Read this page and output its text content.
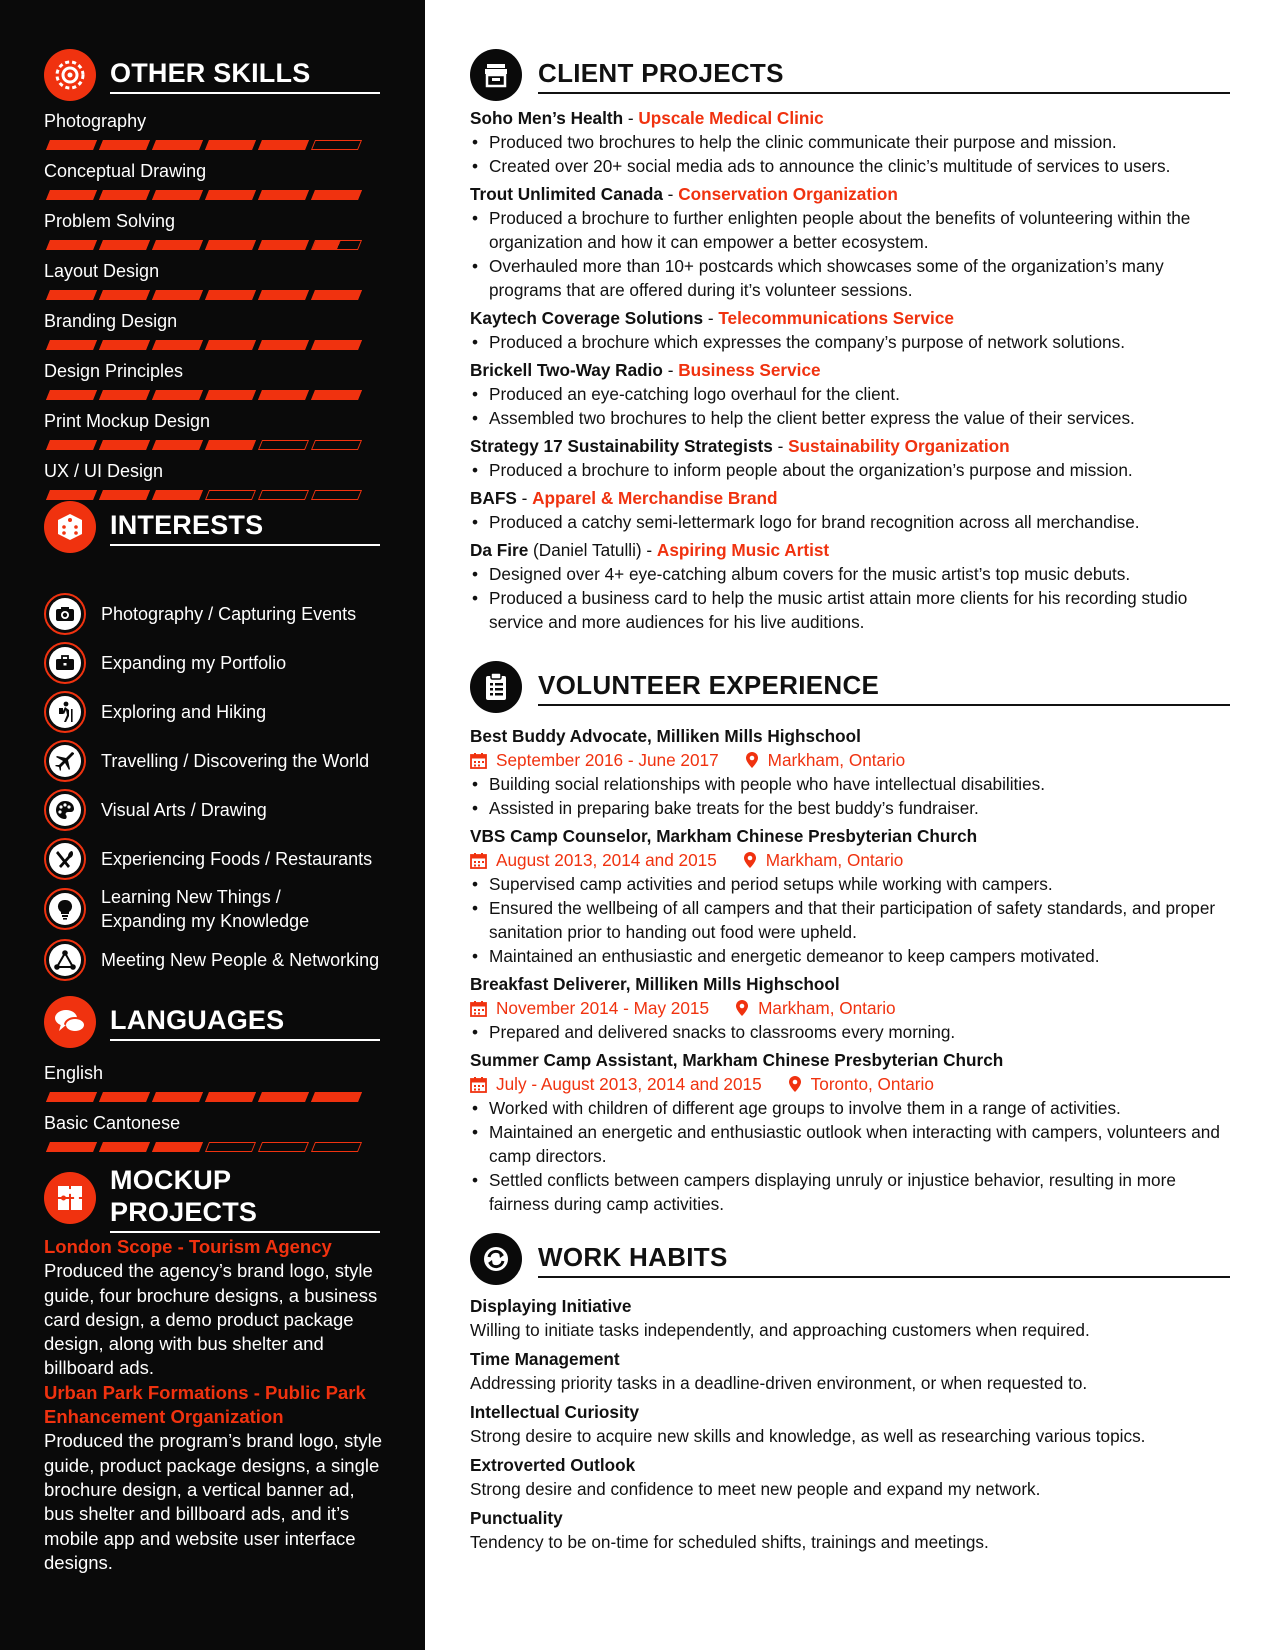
OTHER SKILLS
Photography
Conceptual Drawing
Problem Solving
Layout Design
Branding Design
Design Principles
Print Mockup Design
UX / UI Design
INTERESTS
Photography / Capturing Events
Expanding my Portfolio
Exploring and Hiking
Travelling / Discovering the World
Visual Arts / Drawing
Experiencing Foods / Restaurants
Learning New Things / Expanding my Knowledge
Meeting New People & Networking
LANGUAGES
English
Basic Cantonese
MOCKUP PROJECTS
London Scope - Tourism Agency
Produced the agency’s brand logo, style guide, four brochure designs, a business card design, a demo product package design, along with bus shelter and billboard ads.
Urban Park Formations - Public Park Enhancement Organization
Produced the program’s brand logo, style guide, product package designs, a single brochure design, a vertical banner ad, bus shelter and billboard ads, and it’s mobile app and website user interface designs.
CLIENT PROJECTS
Soho Men’s Health - Upscale Medical Clinic
• Produced two brochures to help the clinic communicate their purpose and mission.
• Created over 20+ social media ads to announce the clinic’s multitude of services to users.
Trout Unlimited Canada - Conservation Organization
• Produced a brochure to further enlighten people about the benefits of volunteering within the organization and how it can empower a better ecosystem.
• Overhauled more than 10+ postcards which showcases some of the organization’s many programs that are offered during it’s volunteer sessions.
Kaytech Coverage Solutions - Telecommunications Service
• Produced a brochure which expresses the company’s purpose of network solutions.
Brickell Two-Way Radio - Business Service
• Produced an eye-catching logo overhaul for the client.
• Assembled two brochures to help the client better express the value of their services.
Strategy 17 Sustainability Strategists - Sustainability Organization
• Produced a brochure to inform people about the organization’s purpose and mission.
BAFS - Apparel & Merchandise Brand
• Produced a catchy semi-lettermark logo for brand recognition across all merchandise.
Da Fire (Daniel Tatulli) - Aspiring Music Artist
• Designed over 4+ eye-catching album covers for the music artist’s top music debuts.
• Produced a business card to help the music artist attain more clients for his recording studio service and more audiences for his live auditions.
VOLUNTEER EXPERIENCE
Best Buddy Advocate, Milliken Mills Highschool
September 2016 - June 2017	Markham, Ontario
• Building social relationships with people who have intellectual disabilities.
• Assisted in preparing bake treats for the best buddy’s fundraiser.
VBS Camp Counselor, Markham Chinese Presbyterian Church
August 2013, 2014 and 2015	Markham, Ontario
• Supervised camp activities and period setups while working with campers.
• Ensured the wellbeing of all campers and that their participation of safety standards, and proper sanitation prior to handing out food were upheld.
• Maintained an enthusiastic and energetic demeanor to keep campers motivated.
Breakfast Deliverer, Milliken Mills Highschool
November 2014 - May 2015	Markham, Ontario
• Prepared and delivered snacks to classrooms every morning.
Summer Camp Assistant, Markham Chinese Presbyterian Church
July - August 2013, 2014 and 2015	Toronto, Ontario
• Worked with children of different age groups to involve them in a range of activities.
• Maintained an energetic and enthusiastic outlook when interacting with campers, volunteers and camp directors.
• Settled conflicts between campers displaying unruly or injustice behavior, resulting in more fairness during camp activities.
WORK HABITS
Displaying Initiative
Willing to initiate tasks independently, and approaching customers when required.
Time Management
Addressing priority tasks in a deadline-driven environment, or when requested to.
Intellectual Curiosity
Strong desire to acquire new skills and knowledge, as well as researching various topics.
Extroverted Outlook
Strong desire and confidence to meet new people and expand my network.
Punctuality
Tendency to be on-time for scheduled shifts, trainings and meetings.
